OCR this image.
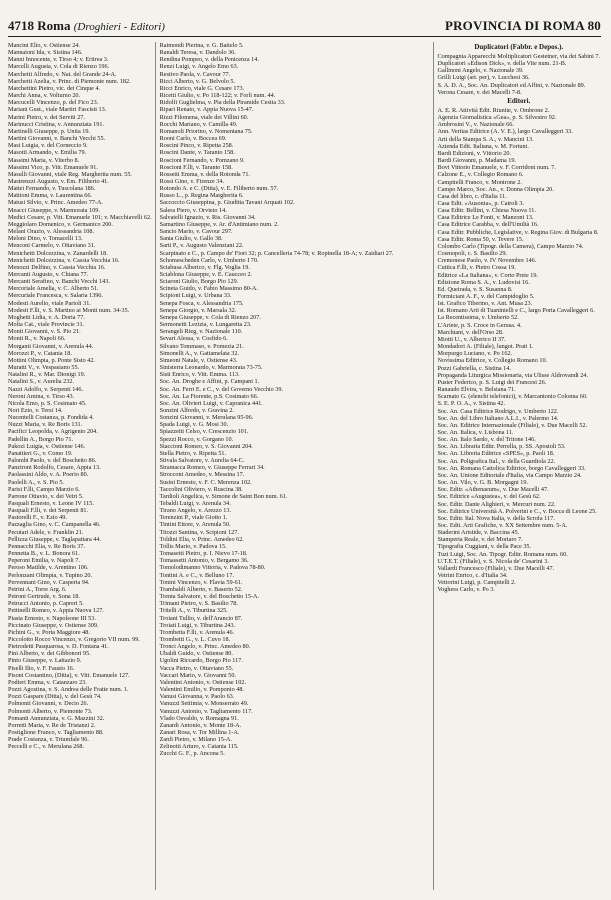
4718 Roma (Droghieri - Editori)	PROVINCIA DI ROMA 80
Mancini Elio, v. Ostiense 24.
Mannaioni Ida, v. Sistina 146.
Manni Innocente, v. Tirso 4; v. Eritrea 3.
Marcelli Augusta, v. Cola di Rienzo 196.
Marchetti Alfredo, v. Nat. del Grande 24-A.
Marchetti Azelia, v. Princ. di Piemonte num. 182.
Marchettini Pietro, vic. dei Cinque 4.
Marchi Anna, v. Volturno 20.
Marcucelli Vincenzo, p. del Fico 23.
Mariani Gust., viale Martiri Fascisti 13.
Marini Pietro, v. dei Serviti 27.
Marinucci Cristina, v. Annunziata 191.
Martinelli Giuseppe, p. Unita 19.
Martini Giovanni, v. Banchi Vecchi 55.
Masi Luigia, v. del Corneccio 9.
Masotti Armando, v. Emilia 79.
Massimi Maria, v. Viterbo 8.
Massimi Vico, p. Vitt. Emanuele 91.
Masulli Giovanni, viale Reg. Margherita num. 55.
Mastrenzzi Augusto, v. Em. Filiberto 41.
Mattei Fernando, v. Tuscolana 186.
Mattioni Emma, v. Laurentina 66.
Matusi Silvio, v. Princ. Amedeo 77-A.
Meacci Giuseppe, v. Marmorata 109.
Medici Cesare, p. Vitt. Emanuele 101; v. Macchiavelli 62.
Meggiolaro Domenico, v. Germanico 200.
Melani Orazio, v. Alessandria 108.
Meloni Dino, v. Tomacelli 13.
Menconi Carmelo, v. Ottaviano 31.
Menichetti Dolcezzina, v. Zanardelli 18.
Menichetti Dolcezzina, v. Cassia Vecchia 16.
Menozzi Delfino, v. Cassia Vecchia 16.
Mercanti Augusto, v. Chiana 77.
Mercanti Serafino, v. Banchi Vecchi 143.
Mercoriale Amelia, v. C. Alberto 51.
Mercuriale Francesca, v. Salaria 1396.
Modesti Aurelio, viale Parioli 31.
Modesti F.lli, v. S. Martino ai Monti num. 34-35.
Moghetti Lidia, v. A. Doria 77.
Molta Cat., viale Provincie 31.
Monti Giovanni, v. S. Pio 21.
Monti R., v. Napoli 66.
Morganti Giovanni, v. Arenula 44.
Morozzi P., v. Catania 18.
Mottini Olimpia, p. Ponte Sisto 42.
Muratti V., v. Vespasiano 55.
Natalini R., v. Mar. Dionigi 19.
Natalini S., v. Aurelia 232.
Nazzi Adolfo, v. Serpenti 146.
Neroni Amina, v. Tirso 43.
Nicola Emo, p. S. Cosimato 45.
Nori Ezio, v. Tersi 14.
Nucentelli Costanza, p. Fondida 4.
Nuzzi Maria, v. Re Boris 131.
Pacifici Leopolda, v. Agrigento 204.
Padellin A., Borgo Pio 71.
Pakozi Luigia, v. Ostiense 146.
Panattieri G., v. Como 19.
Palombi Paolo, v. del Boschetto 86.
Panzironi Rodolfo, Cesare, Appia 13.
Paolassini Aldo, v. A. Poerio 80.
Paolelli A., v. S. Pio 5.
Parisi F.lli, Campo Marzio 6.
Parrone Ottavio, v. dei Vetri 5.
Pasquali Ernesto, v. Leone IV 115.
Pasquali F.lli, v. dei Serpenti 81.
Pastorelli F., v. Ezio 49.
Pazzaglia Gino, v. C. Campanella 46.
Pecutari Adele, v. Franklin 21.
Pellizza Giuseppe, v. Taglapattara 44.
Pennacchi Elia, v. Re Boris 37.
Pennetta B., v. L. Bonora 61.
Peperoni Emilia, v. Napoli 7.
Peroso Matilde, v. Arentino 106.
Perlonzani Olimpia, v. Tupino 20.
Pervennani Gino, v. Casperia 94.
Petrini A., Torre Arg. 6.
Petroni Gertrude, v. Sona 18.
Petrucci Antonio, p. Capreri 5.
Pettinelli Romeo, v. Appia Nuova 127.
Piasta Ernesto, v. Napoleone III 53.
Piccinato Giuseppe, v. Ostiense 309.
Pichini G., v. Porta Maggiore 48.
Piccolotto Rocco Vincenzo, v. Gregorio VII num. 99.
Pietrodetti Pasquarosa, v. D. Fontana 41.
Pini Alberto, v. dei Gibbonori 95.
Pinto Giuseppe, v. Lattazio 9.
Piselli Ilio, v. F. Fausto 16.
Pisoni Costantino, (Ditta), v. Vitt. Emanuele 127.
Podieri Emma, v. Catanzaro 23.
Pozzi Agostina, v. S. Andrea delle Fratte num. 1.
Pozzi Gaspare (Ditta), v. del Gesù 74.
Polmonti Giovanni, v. Decio 26.
Polmonti Alberto, v. Piemonte 73.
Pomanti Annunziata, v. G. Mazzini 32.
Porretti Maria, v. Re de Tristanzi 2.
Postiglione Franco, v. Tagliamento 88.
Prade Costanza, v. Triumfale 96.
Peccelli e C., v. Merulana 268.
Raimondi Pierina, v. G. Battelo 5.
Ranaldi Teresa, v. Dandolo 36.
Rendina Pompeo, v. della Penicenza 14.
Renzi Luigi, v. Angelo Emo 63.
Restivo Paola, v. Cavour 77.
Ricci Alberto, v. G. Belvolo 5.
Ricci Enrico, viale G. Cesare 173.
Ricetti Giulio, v. Po 118-122; v. Forli num. 44.
Ridolfi Guglielma, v. Pia della Piramide Cestia 33.
Ripari Renato, v. Appia Nuova 15-47.
Rizzi Filomena, viale dei Villini 60.
Rocchi Mariano, v. Camilla 49.
Romanoli Priorino, v. Nomentana 75.
Rooni Carlo, v. Boccea 69.
Roscini Pinco, v. Ripetta 258.
Roscini Dante, v. Taranto 158.
Roscioni Fernando, v. Pomzano 9.
Roscioni F.lli, v. Taranto 158.
Rossetti Emma, v. della Rotonda 71.
Rossi Gino, v. Firenze 34.
Rotondo A. e C. (Ditta), v. E. Filiberto num. 57.
Russo L., p. Regina Margherita 6.
Saccoccio Giuseppina, p. Giuditta Tavani Arquati 102.
Salera Piero, v. Orvieto 14.
Salvatelli Ignazio, v. Ris. Giovanni 34.
Samartino Giuseppe, v. Ar. d'Antimiano num. 2.
Sancio Mario, v. Cavour 297.
Santa Giulio, v. Gallo 38.
Sarti P., v. Augusto Valenziani 22.
Scarpinato e C., p. Campo de' Fiori 32; p. Cancelleria 74-78; v. Ropinella 18-A; v. Zaidiari 27.
Schomescheden Carlo, v. Umberto I 70.
Sciabusa Alberico, v. Flg. Voglia 19.
Sciablona Giuseppe, v. E. Caucceo 2.
Sciaroni Giulio, Borgo Pio 129.
Scineta Guido, v. Fabio Massimo 80-A.
Scipioni Luigi, v. Urbana 33.
Senepa Fosca, v. Alessandria 175.
Senepa Giorgio, v. Marsala 32.
Senepa Giuseppe, v. Cola di Rienzo 207.
Sermonetti Lezizia, v. Lungaretta 23.
Serangeli Rieg, v. Nazionale 110.
Sevart Alessa, v. Cosfido 6.
Silvano Tommaso, v. Pomezia 21.
Simonelli A., v. Gattamelata 32.
Simeoni Natale, v. Ostiense 43.
Sinisterra Leonardo, v. Marmorata 73-75.
Sisti Enrico, v. Vitt. Emma. 113.
Soc. An. Droghe e Affini, p. Campani 1.
Soc. An. Ferri E. e C., v. del Governo Vecchio 39.
Soc. An. La Fiorente, p.S. Cosimato 66.
Soc. An. Olivieri Luigi, v. Capranica 441.
Sonzini Alfredo, v. Gravina 2.
Sonzini Giovanni, v. Merulana 95-96.
Spada Luigi, v. G. Mosi 30.
Spiazzetti Celso, v. Crescenzio 101.
Spezzi Rocco, v. Gorgano 10.
Staccioni Romeo, v. S. Giovanni 204.
Stella Pietro, v. Ripetta 51.
Stivala Salvatore, v. Aurelia 64-C.
Stramacca Romeo, v. Giuseppe Ferrari 34.
Strocconi Amedeo, v. Messina 17.
Susini Ernesto, v. F. C. Merenza 102.
Taccolini Oliviero, v. Ruscina 38.
Tardioli Angelica, v. Simone de Saint Bon num. 61.
Tebaldi Luigi, v. Arenula 34.
Tirano Angelo, v. Arezzo 13.
Terenzini P., viale Giotto 1.
Tintini Ettore, v. Arenula 50.
Titozzi Santina, v. Scipioni 127.
Toldini Elia, v. Princ. Amedeo 62.
Tollis Mario, v. Padova 15.
Tomasetti Pietro, p. I. Nievo 17-18.
Tomassetti Antonio, v. Bergamo 36.
Tomolodimanno Vittoria, v. Padova 78-80.
Tontini A. e C., v. Belluno 17.
Tonini Vincenzo, v. Flavia 59-61.
Trambaldi Alberto, v. Baserio 52.
Trenta Salvatore, v. del Boschetto 15-A.
Trimani Pietro, v. S. Basilio 78.
Tritelli A., v. Tiburtina 325.
Troiani Tullio, v. dell'Arancio 87.
Troiati Luigi, v. Tiburtina 243.
Trombetta F.lli, v. Arenula 46.
Trombetti G., v. L. Cuvo 18.
Tronci Angelo, v. Princ. Amedeo 80.
Ubaldi Guido, v. Ostiense 80.
Ugolini Riccardo, Borgo Pio 117.
Vacca Pietro, v. Ottaviano 55.
Vaccari Mario, v. Giovanni 50.
Valentini Antonio, v. Ostiense 102.
Valentini Emilio, v. Pomponio 48.
Vanusi Giovanna, v. Paolo 63.
Vanuzzi Settimia, v. Monserrato 49.
Vanuzzi Antonio, v. Tagliamento 117.
Vlado Osvaldo, v. Romagna 91.
Zanardi Antonio, v. Monte 18-A.
Zanari Rosa, v. Tor Millina 1-A.
Zanfi Pietro, v. Milano 15-A.
Zelinotti Arturo, v. Catania 115.
Zucchi G. F., p. Ancona 5.
Duplicatori (Fabbr. e Depos.).
Compagnia Apparecchi Moltiplicatori Gestetner, via dei Sabini 7.
Duplicatori «Edison Dick», v. della Vite num. 21-B.
Gallinoni Angelo, v. Nazionale 39.
Grilli Luigi (art. per), v. Lucchesi 36.
S. A. D. A., Soc. An. Duplicatori ed Affini, v. Nazionale 89.
Verona Cesare, v. dei Macelli 7-8.
Editori.
A. E. R. Attività Edit. Riunite, v. Ombrone 2.
Agenzia Giornalistica «Gea», p. S. Silvestro 92.
Ambrosini V., v. Nazionale 66.
Ann. Veritas Editrice (A. V. E.), largo Cavalleggeri 33.
Arti della Stampa S. A., v. Mancini 13.
Azienda Edit. Italiana, v. M. Fortuni.
Bardi Edizioni, v. Vittorio 20.
Bardi Giovanni, p. Madama 19.
Bovi Vittorio Emanuele, v. F. Corridoni num. 7.
Calzone E., v. Collegio Romano 6.
Campitelli Franco, v. Montrone 2.
Campo Marco, Soc. An., v. Donna Olimpia 20.
Casa del libro, c. d'Italia 11.
Casa Edit. «Ausonia», p. Cairoli 3.
Casa Editr. Bellini, v. Chiesa Nuova 11.
Casa Editrice Le Fonti, v. Manzoni 13.
Casa Editrice Carabba, v. dell'Umiltà 16.
Casa Editr. Pubbliche, Legislative, v. Regina Giov. di Bulgaria 8.
Casa Editr. Roma 50, v. Tevere 15.
Colombo Carlo (Tipogr. della Camera), Campo Marzio 74.
Cosmopoli, c. S. Basilio 29.
Cremonese Paolo, v. IV Novembre 146.
Cuttica F.lli, v. Pietro Cossa 19.
Editrice «La Italiana», v. Corto Prete 19.
Edizione Roma S. A., v. Ludovisi 16.
Ed. Queirada, v. S. Susanna 8.
Formiciani A. F., v. del Campidoglio 5.
Ist. Grafico Tiberino, v. Ant. Musa 23.
Ist. Romano Arti di Tuaninielli e C., largo Porta Cavalleggeri 6.
La Recentissima, v. Umberto 52.
L'Ariete, p. S. Croce in Gerusa. 4.
Marchiani, v. dell'Orso 28.
Miotti U., v. Alberico II 37.
Mondadori A. (Filiale), lungot. Prati 1.
Morpurgo Luciano, v. Po 162.
Novissima Editrice, v. Collegio Romano 10.
Pozzi Gabriella, c. Sistina 14.
Propaganda Liturgica Missionaria, via Ulisse Aldrovandi 24.
Puster Federico, p. S. Luigi dei Francesi 26.
Ranaudo Elvira, v. Belsiana 71.
Scarnato G. (elenchi telefonici), v. Marcantonio Colonna 60.
S. E. P. O. A., v. Sistina 42.
Soc. An. Casa Editrice Rodrigo, v. Umberto 122.
Soc. An. del Libro Italiano A.L.I., v. Palermo 14.
Soc. An. Editrice Internazionale (Filiale), v. Due Macelli 52.
Soc. An. Italica, v. Lisbona 11.
Soc. An. Italo Sardo, v. del Tritone 146.
Soc. An. Libraria Editr. Perrella, p. SS. Apostoli 53.
Soc. An. Libreria Editrice «SPES», p. Paoli 18.
Soc. An. Poligrafica Ital., v. della Guardiola 22.
Soc. An. Romana Cattolica Editrice, borgo Cavalleggeri 33.
Soc. An. Unione Editoriale d'Italia, via Campo Marzio 24.
Soc. An. Vilo, v. G. B. Morgagni 19.
Soc. Editr. «Athenaeum», v. Due Macelli 47.
Soc. Editrice «Augustea», v. del Gesù 62.
Soc. Editr. Dante Alighieri, v. Mercuri num. 22.
Soc. Editrice Università A. Polverini e C., v. Bocca di Leone 25.
Soc. Editr. Ital. Nova Italia, v. della Scrofa 117.
Soc. Edit. Arti Grafiche, v. XX Settembre num. 5-A.
Staderini Aristide, v. Baccina 45.
Stamperia Reale, v. dei Mortaro 7.
Tipografia Cuggiani, v. della Pace 35.
Tuzi Luigi, Soc. An. Tipogr. Editr. Romana num. 60.
U.T.E.T. (Filiale), v. S. Nicola de' Cesarini 3.
Vallardi Francesco (Filiale), v. Due Macelli 47.
Vetrini Enrico, c. d'Italia 34.
Vettorini Luigi, p. Campitelli 2.
Voghera Carlo, v. Po 3.
